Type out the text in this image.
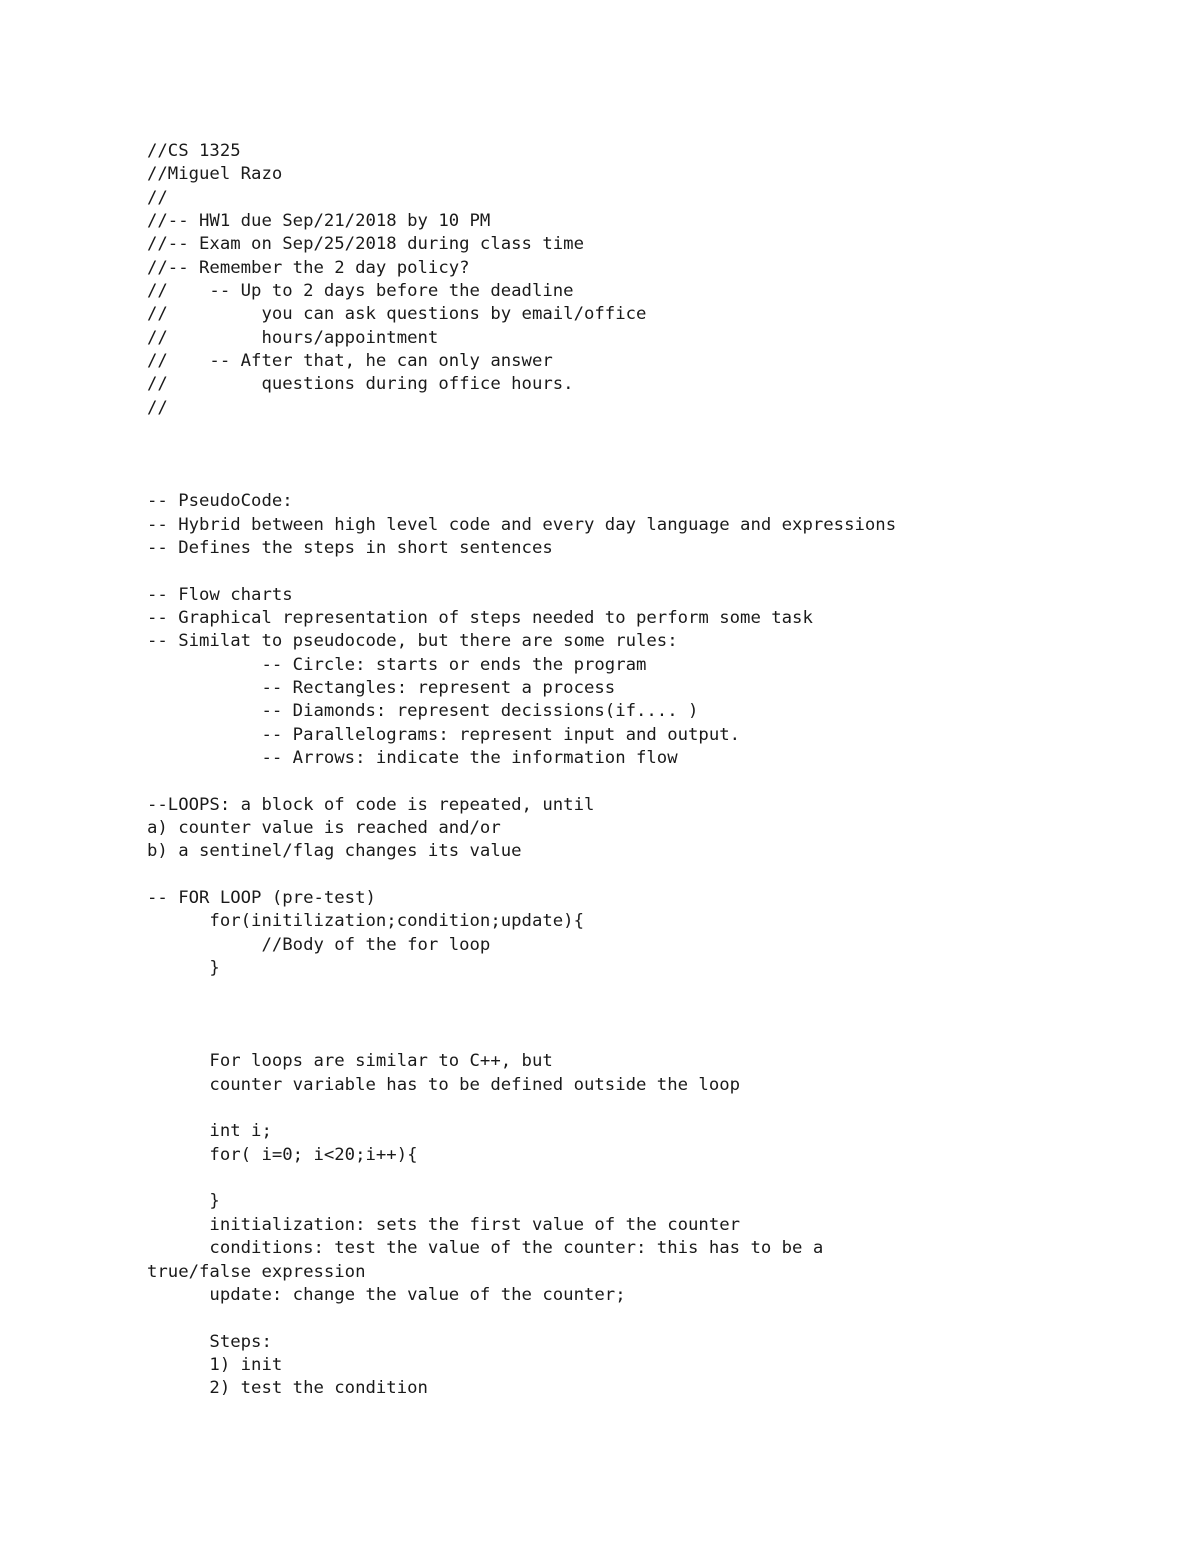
//CS 1325
//Miguel Razo
//
//-- HW1 due Sep/21/2018 by 10 PM
//-- Exam on Sep/25/2018 during class time
//-- Remember the 2 day policy?
//    -- Up to 2 days before the deadline
//         you can ask questions by email/office
//         hours/appointment
//    -- After that, he can only answer
//         questions during office hours.
//
-- PseudoCode:
-- Hybrid between high level code and every day language and expressions
-- Defines the steps in short sentences
-- Flow charts
-- Graphical representation of steps needed to perform some task
-- Similat to pseudocode, but there are some rules:
-- Circle: starts or ends the program
-- Rectangles: represent a process
-- Diamonds: represent decissions(if.... )
-- Parallelograms: represent input and output.
-- Arrows: indicate the information flow
--LOOPS: a block of code is repeated, until
a) counter value is reached and/or
b) a sentinel/flag changes its value
-- FOR LOOP (pre-test)
for(initilization;condition;update){
//Body of the for loop
}
For loops are similar to C++, but
counter variable has to be defined outside the loop
int i;
for( i=0; i<20;i++){
}
initialization: sets the first value of the counter
conditions: test the value of the counter: this has to be a
true/false expression
update: change the value of the counter;
Steps:
1) init
2) test the condition
